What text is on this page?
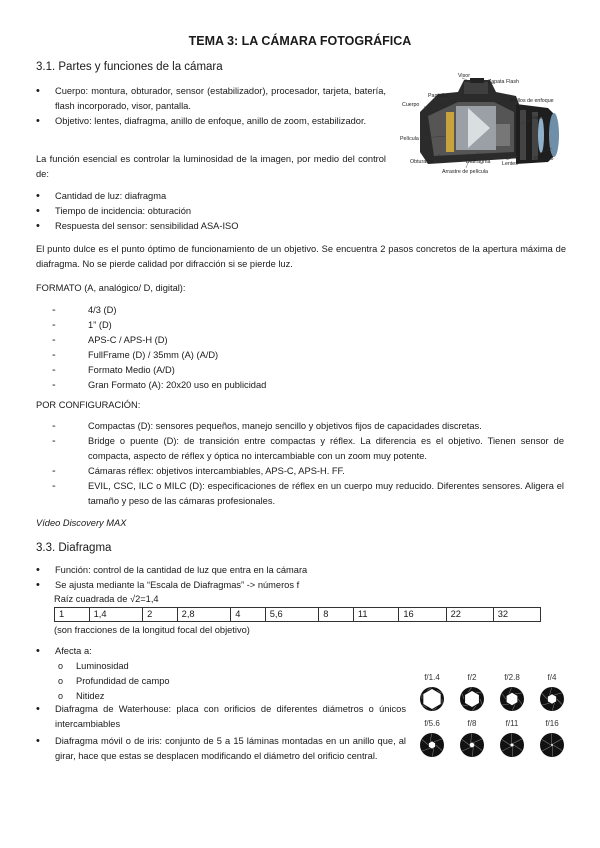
TEMA 3: LA CÁMARA FOTOGRÁFICA
3.1. Partes y funciones de la cámara
• Cuerpo: montura, obturador, sensor (estabilizador), procesador, tarjeta, batería, flash incorporado, visor, pantalla.
• Objetivo: lentes, diafragma, anillo de enfoque, anillo de zoom, estabilizador.

La función esencial es controlar la luminosidad de la imagen, por medio del control de:

• Cantidad de luz: diafragma
• Tiempo de incidencia: obturación
• Respuesta del sensor: sensibilidad ASA-ISO

El punto dulce es el punto óptimo de funcionamiento de un objetivo. Se encuentra 2 pasos concretos de la apertura máxima de diafragma. No se pierde calidad por difracción si se pierde luz.

FORMATO (A, analógico/ D, digital):

- 4/3 (D)
- 1” (D)
- APS-C / APS-H (D)
- FullFrame (D) / 35mm (A) (A/D)
- Formato Medio (A/D)
- Gran Formato (A): 20x20 uso en publicidad

POR CONFIGURACIÓN:

- Compactas (D): sensores pequeños, manejo sencillo y objetivos fijos de capacidades discretas.
- Bridge o puente (D): de transición entre compactas y réflex. La diferencia es el objetivo. Tienen sensor de compacta, aspecto de réflex y óptica no intercambiable con un zoom muy potente.
- Cámaras réflex: objetivos intercambiables, APS-C, APS-H. FF.
- EVIL, CSC, ILC o MILC (D): especificaciones de réflex en un cuerpo muy reducido. Diferentes sensores. Aligera el tamaño y peso de las cámaras profesionales.

Vídeo Discovery MAX

3.3. Diafragma
• Función: control de la cantidad de luz que entra en la cámara
• Se ajusta mediante la “Escala de Diafragmas” -> números f

Raíz cuadrada de √2=1,4

1	1,4	2	2,8	4	5,6	8	11	16	22	32

(son fracciones de la longitud focal del objetivo)

• Afecta a:
o Luminosidad
o Profundidad de campo
o Nitidez
• Diafragma de Waterhouse: placa con orificios de diferentes diámetros o únicos intercambiables
• Diafragma móvil o de iris: conjunto de 5 a 15 láminas montadas en un anillo que, al girar, hace que estas se desplacen modificando el diámetro del orificio central.
Visor
Zapata Flash
Pantalla
Anillos de enfoque
Cuerpo
Espejo
Película
Objetivo
Obturador	Diafragma Lentes
Arrastre de película
f/1.4	f/2	f/2.8	f/4
f/5.6	f/8	f/11	f/16
